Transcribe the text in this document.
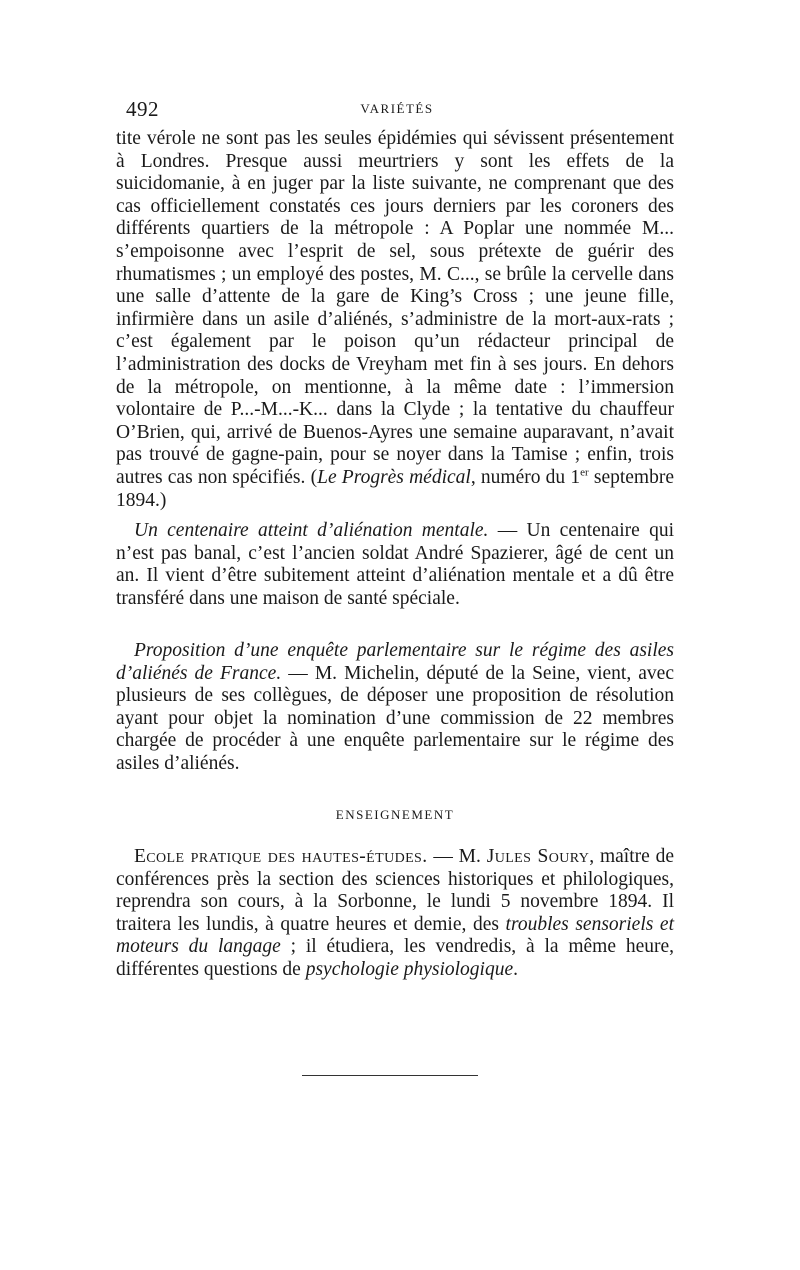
492	VARIÉTÉS

tite vérole ne sont pas les seules épidémies qui sévissent présentement à Londres. Presque aussi meurtriers y sont les effets de la suicidomanie, à en juger par la liste suivante, ne comprenant que des cas officiellement constatés ces jours derniers par les coroners des différents quartiers de la métropole : A Poplar une nommée M... s’empoisonne avec l’esprit de sel, sous prétexte de guérir des rhumatismes ; un employé des postes, M. C..., se brûle la cervelle dans une salle d’attente de la gare de King’s Cross ; une jeune fille, infirmière dans un asile d’aliénés, s’administre de la mort-aux-rats ; c’est également par le poison qu’un rédacteur principal de l’administration des docks de Vreyham met fin à ses jours. En dehors de la métropole, on mentionne, à la même date : l’immersion volontaire de P...-M...-K... dans la Clyde ; la tentative du chauffeur O’Brien, qui, arrivé de Buenos-Ayres une semaine auparavant, n’avait pas trouvé de gagne-pain, pour se noyer dans la Tamise ; enfin, trois autres cas non spécifiés. (Le Progrès médical, numéro du 1er septembre 1894.)

Un centenaire atteint d’aliénation mentale. — Un centenaire qui n’est pas banal, c’est l’ancien soldat André Spazierer, âgé de cent un an. Il vient d’être subitement atteint d’aliénation mentale et a dû être transféré dans une maison de santé spéciale.

Proposition d’une enquête parlementaire sur le régime des asiles d’aliénés de France. — M. Michelin, député de la Seine, vient, avec plusieurs de ses collègues, de déposer une proposition de résolution ayant pour objet la nomination d’une commission de 22 membres chargée de procéder à une enquête parlementaire sur le régime des asiles d’aliénés.

ENSEIGNEMENT

Ecole pratique des hautes-études. — M. Jules Soury, maître de conférences près la section des sciences historiques et philologiques, reprendra son cours, à la Sorbonne, le lundi 5 novembre 1894. Il traitera les lundis, à quatre heures et demie, des troubles sensoriels et moteurs du langage ; il étudiera, les vendredis, à la même heure, différentes questions de psychologie physiologique.
